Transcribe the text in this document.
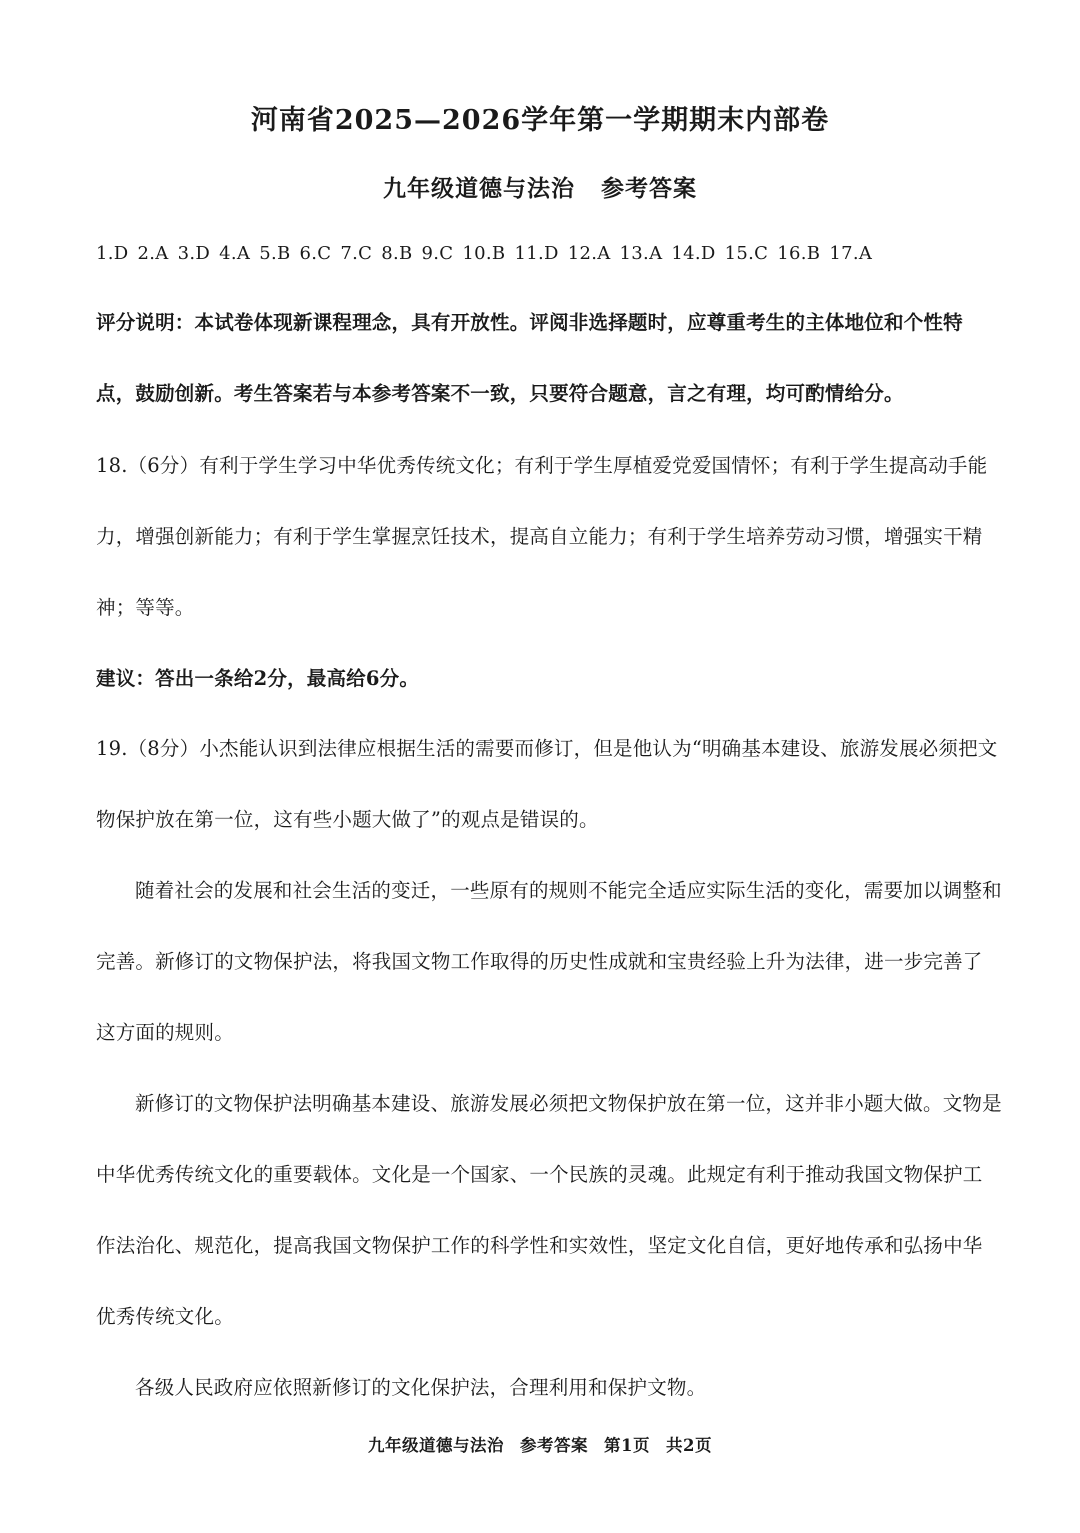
河南省2025—2026学年第一学期期末内部卷
九年级道德与法治 参考答案
1.D 2.A 3.D 4.A 5.B 6.C 7.C 8.B 9.C 10.B 11.D 12.A 13.A 14.D 15.C 16.B 17.A
评分说明：本试卷体现新课程理念，具有开放性。评阅非选择题时，应尊重考生的主体地位和个性特点，鼓励创新。考生答案若与本参考答案不一致，只要符合题意，言之有理，均可酌情给分。
18.（6分）有利于学生学习中华优秀传统文化；有利于学生厚植爱党爱国情怀；有利于学生提高动手能力，增强创新能力；有利于学生掌握烹饪技术，提高自立能力；有利于学生培养劳动习惯，增强实干精神；等等。
建议：答出一条给2分，最高给6分。
19.（8分）小杰能认识到法律应根据生活的需要而修订，但是他认为“明确基本建设、旅游发展必须把文物保护放在第一位，这有些小题大做了”的观点是错误的。
随着社会的发展和社会生活的变迁，一些原有的规则不能完全适应实际生活的变化，需要加以调整和完善。新修订的文物保护法，将我国文物工作取得的历史性成就和宝贵经验上升为法律，进一步完善了这方面的规则。
新修订的文物保护法明确基本建设、旅游发展必须把文物保护放在第一位，这并非小题大做。文物是中华优秀传统文化的重要载体。文化是一个国家、一个民族的灵魂。此规定有利于推动我国文物保护工作法治化、规范化，提高我国文物保护工作的科学性和实效性，坚定文化自信，更好地传承和弘扬中华优秀传统文化。
各级人民政府应依照新修订的文化保护法，合理利用和保护文物。
九年级道德与法治 参考答案 第1页 共2页
